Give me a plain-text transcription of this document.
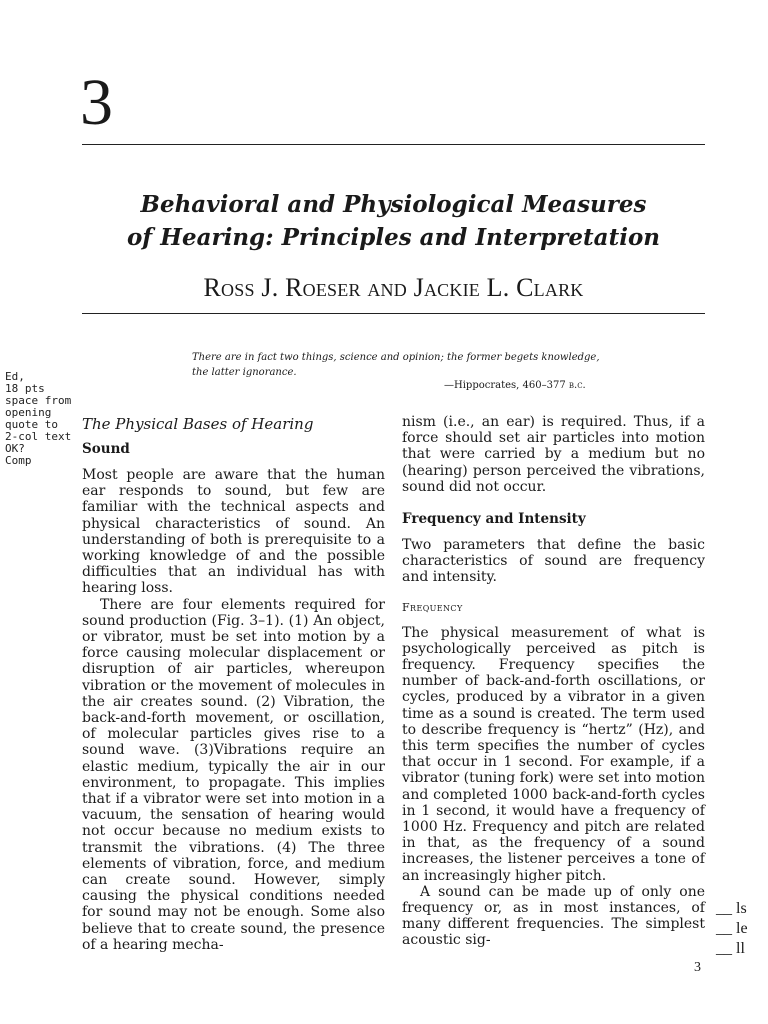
3
Behavioral and Physiological Measures
of Hearing: Principles and Interpretation
Ross J. Roeser and Jackie L. Clark
There are in fact two things, science and opinion; the former begets knowledge, the latter ignorance.
—Hippocrates, 460–377 b.c.
Ed,
18 pts
space from
opening
quote to
2-col text
OK?
Comp
The Physical Bases of Hearing
Sound

Most people are aware that the human ear responds to sound, but few are familiar with the technical aspects and physical characteristics of sound. An understanding of both is prerequisite to a working knowledge of and the possible difficulties that an individual has with hearing loss.

There are four elements required for sound production (Fig. 3–1). (1) An object, or vibrator, must be set into motion by a force causing molecular displacement or disruption of air particles, whereupon vibration or the movement of molecules in the air creates sound. (2) Vibration, the back-and-forth movement, or oscillation, of molecular particles gives rise to a sound wave. (3)Vibrations require an elastic medium, typically the air in our environment, to propagate. This implies that if a vibrator were set into motion in a vacuum, the sensation of hearing would not occur because no medium exists to transmit the vibrations. (4) The three elements of vibration, force, and medium can create sound. However, simply causing the physical conditions needed for sound may not be enough. Some also believe that to create sound, the presence of a hearing mecha-

nism (i.e., an ear) is required. Thus, if a force should set air particles into motion that were carried by a medium but no (hearing) person perceived the vibrations, sound did not occur.

Frequency and Intensity

Two parameters that define the basic characteristics of sound are frequency and intensity.

Frequency

The physical measurement of what is psychologically perceived as pitch is frequency. Frequency specifies the number of back-and-forth oscillations, or cycles, produced by a vibrator in a given time as a sound is created. The term used to describe frequency is “hertz” (Hz), and this term specifies the number of cycles that occur in 1 second. For example, if a vibrator (tuning fork) were set into motion and completed 1000 back-and-forth cycles in 1 second, it would have a frequency of 1000 Hz. Frequency and pitch are related in that, as the frequency of a sound increases, the listener perceives a tone of an increasingly higher pitch.

A sound can be made up of only one frequency or, as in most instances, of many different frequencies. The simplest acoustic sig-

__ ls
__ le
__ ll
3
